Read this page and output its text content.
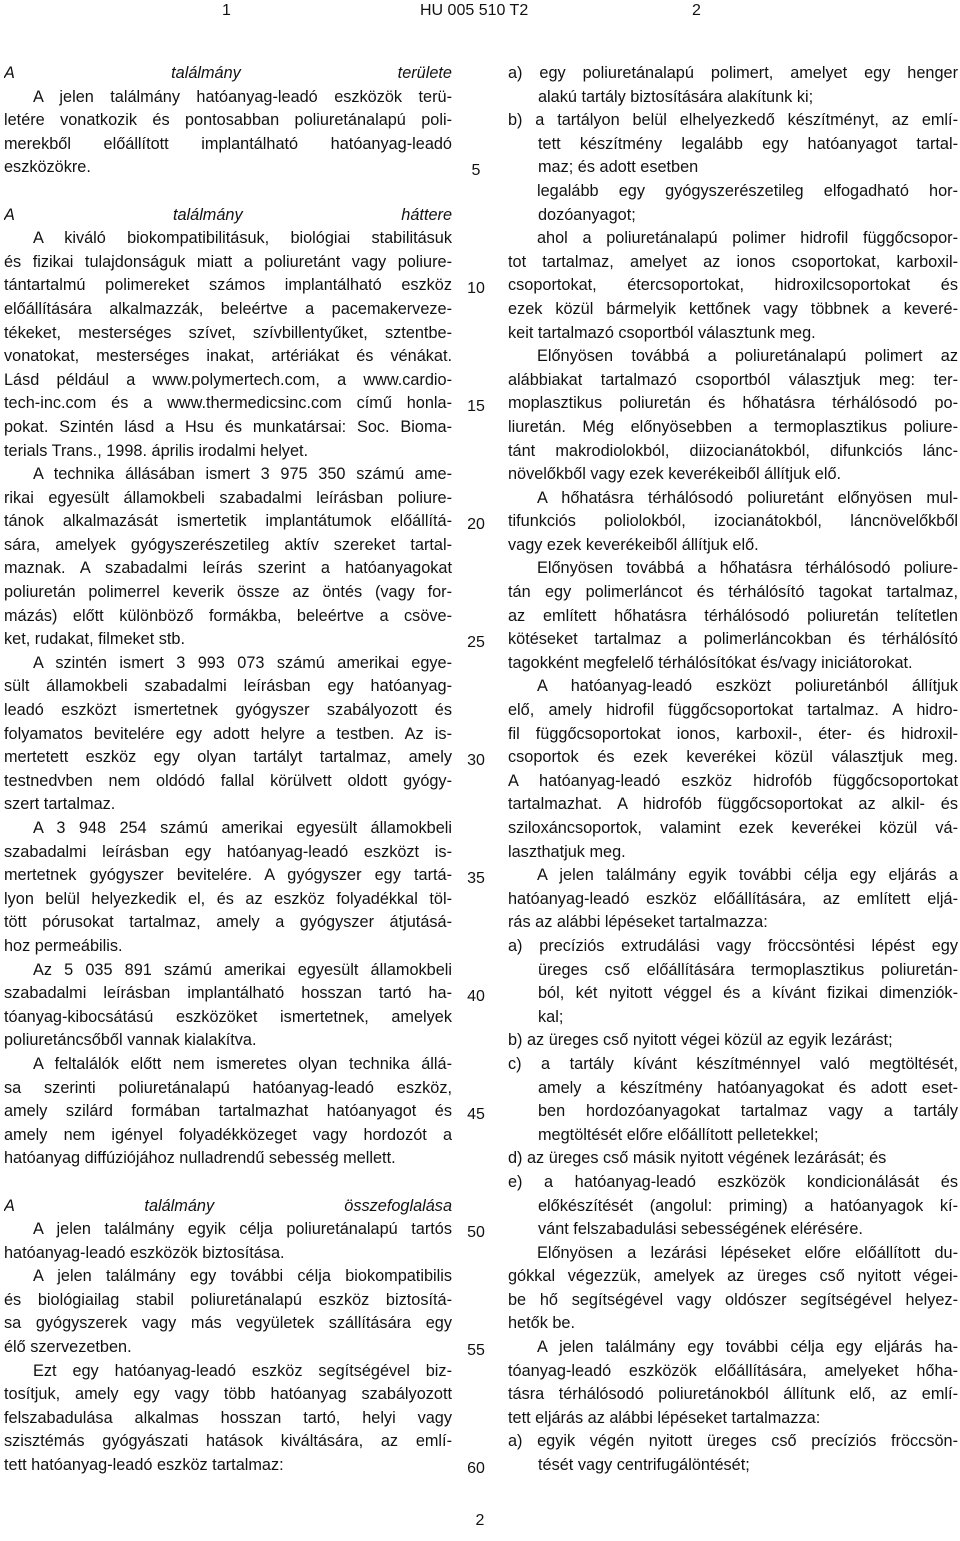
1	HU 005 510 T2	2
A találmány területe
A jelen találmány hatóanyag-leadó eszközök terü-
letére vonatkozik és pontosabban poliuretánalapú poli-
merekből előállított implantálható hatóanyag-leadó
eszközökre.
A találmány háttere
A kiváló biokompatibilitásuk, biológiai stabilitásuk
és fizikai tulajdonságuk miatt a poliuretánt vagy poliure-
tántartalmú polimereket számos implantálható eszköz
előállítására alkalmazzák, beleértve a pacemakerveze-
tékeket, mesterséges szívet, szívbillentyűket, sztentbe-
vonatokat, mesterséges inakat, artériákat és vénákat.
Lásd például a www.polymertech.com, a www.cardio-
tech-inc.com és a www.thermedicsinc.com című honla-
pokat. Szintén lásd a Hsu és munkatársai: Soc. Bioma-
terials Trans., 1998. április irodalmi helyet.
A technika állásában ismert 3 975 350 számú ame-
rikai egyesült államokbeli szabadalmi leírásban poliure-
tánok alkalmazását ismertetik implantátumok előállítá-
sára, amelyek gyógyszerészetileg aktív szereket tartal-
maznak. A szabadalmi leírás szerint a hatóanyagokat
poliuretán polimerrel keverik össze az öntés (vagy for-
mázás) előtt különböző formákba, beleértve a csöve-
ket, rudakat, filmeket stb.
A szintén ismert 3 993 073 számú amerikai egye-
sült államokbeli szabadalmi leírásban egy hatóanyag-
leadó eszközt ismertetnek gyógyszer szabályozott és
folyamatos bevitelére egy adott helyre a testben. Az is-
mertetett eszköz egy olyan tartályt tartalmaz, amely
testnedvben nem oldódó fallal körülvett oldott gyógy-
szert tartalmaz.
A 3 948 254 számú amerikai egyesült államokbeli
szabadalmi leírásban egy hatóanyag-leadó eszközt is-
mertetnek gyógyszer bevitelére. A gyógyszer egy tartá-
lyon belül helyezkedik el, és az eszköz folyadékkal töl-
tött pórusokat tartalmaz, amely a gyógyszer átjutásá-
hoz permeábilis.
Az 5 035 891 számú amerikai egyesült államokbeli
szabadalmi leírásban implantálható hosszan tartó ha-
tóanyag-kibocsátású eszközöket ismertetnek, amelyek
poliuretáncsőből vannak kialakítva.
A feltalálók előtt nem ismeretes olyan technika állá-
sa szerinti poliuretánalapú hatóanyag-leadó eszköz,
amely szilárd formában tartalmazhat hatóanyagot és
amely nem igényel folyadékközeget vagy hordozót a
hatóanyag diffúziójához nulladrendű sebesség mellett.
A találmány összefoglalása
A jelen találmány egyik célja poliuretánalapú tartós
hatóanyag-leadó eszközök biztosítása.
A jelen találmány egy további célja biokompatibilis
és biológiailag stabil poliuretánalapú eszköz biztosítá-
sa gyógyszerek vagy más vegyületek szállítására egy
élő szervezetben.
Ezt egy hatóanyag-leadó eszköz segítségével biz-
tosítjuk, amely egy vagy több hatóanyag szabályozott
felszabadulása alkalmas hosszan tartó, helyi vagy
szisztémás gyógyászati hatások kiváltására, az emlí-
tett hatóanyag-leadó eszköz tartalmaz:
a) egy poliuretánalapú polimert, amelyet egy henger
alakú tartály biztosítására alakítunk ki;
b) a tartályon belül elhelyezkedő készítményt, az emlí-
tett készítmény legalább egy hatóanyagot tartal-
maz; és adott esetben
legalább egy gyógyszerészetileg elfogadható hor-
dozóanyagot;
ahol a poliuretánalapú polimer hidrofil függőcsopor-
tot tartalmaz, amelyet az ionos csoportokat, karboxil-
csoportokat, étercsoportokat, hidroxilcsoportokat és
ezek közül bármelyik kettőnek vagy többnek a keveré-
keit tartalmazó csoportból választunk meg.
Előnyösen továbbá a poliuretánalapú polimert az
alábbiakat tartalmazó csoportból választjuk meg: ter-
moplasztikus poliuretán és hőhatásra térhálósodó po-
liuretán. Még előnyösebben a termoplasztikus poliure-
tánt makrodiolokból, diizocianátokból, difunkciós lánc-
növelőkből vagy ezek keverékeiből állítjuk elő.
A hőhatásra térhálósodó poliuretánt előnyösen mul-
tifunkciós poliolokból, izocianátokból, láncnövelőkből
vagy ezek keverékeiből állítjuk elő.
Előnyösen továbbá a hőhatásra térhálósodó poliure-
tán egy polimerláncot és térhálósító tagokat tartalmaz,
az említett hőhatásra térhálósodó poliuretán telítetlen
kötéseket tartalmaz a polimerláncokban és térhálósító
tagokként megfelelő térhálósítókat és/vagy iniciátorokat.
A hatóanyag-leadó eszközt poliuretánból állítjuk
elő, amely hidrofil függőcsoportokat tartalmaz. A hidro-
fil függőcsoportokat ionos, karboxil-, éter- és hidroxil-
csoportok és ezek keverékei közül választjuk meg.
A hatóanyag-leadó eszköz hidrofób függőcsoportokat
tartalmazhat. A hidrofób függőcsoportokat az alkil- és
sziloxáncsoportok, valamint ezek keverékei közül vá-
laszthatjuk meg.
A jelen találmány egyik további célja egy eljárás a
hatóanyag-leadó eszköz előállítására, az említett eljá-
rás az alábbi lépéseket tartalmazza:
a) precíziós extrudálási vagy fröccsöntési lépést egy
üreges cső előállítására termoplasztikus poliuretán-
ból, két nyitott véggel és a kívánt fizikai dimenziók-
kal;
b) az üreges cső nyitott végei közül az egyik lezárást;
c) a tartály kívánt készítménnyel való megtöltését,
amely a készítmény hatóanyagokat és adott eset-
ben hordozóanyagokat tartalmaz vagy a tartály
megtöltését előre előállított pelletekkel;
d) az üreges cső másik nyitott végének lezárását; és
e) a hatóanyag-leadó eszközök kondicionálását és
előkészítését (angolul: priming) a hatóanyagok kí-
vánt felszabadulási sebességének elérésére.
Előnyösen a lezárási lépéseket előre előállított du-
gókkal végezzük, amelyek az üreges cső nyitott végei-
be hő segítségével vagy oldószer segítségével helyez-
hetők be.
A jelen találmány egy további célja egy eljárás ha-
tóanyag-leadó eszközök előállítására, amelyeket hőha-
tásra térhálósodó poliuretánokból állítunk elő, az emlí-
tett eljárás az alábbi lépéseket tartalmazza:
a) egyik végén nyitott üreges cső precíziós fröccsön-
tését vagy centrifugálöntését;
5
10
15
20
25
30
35
40
45
50
55
60
2
